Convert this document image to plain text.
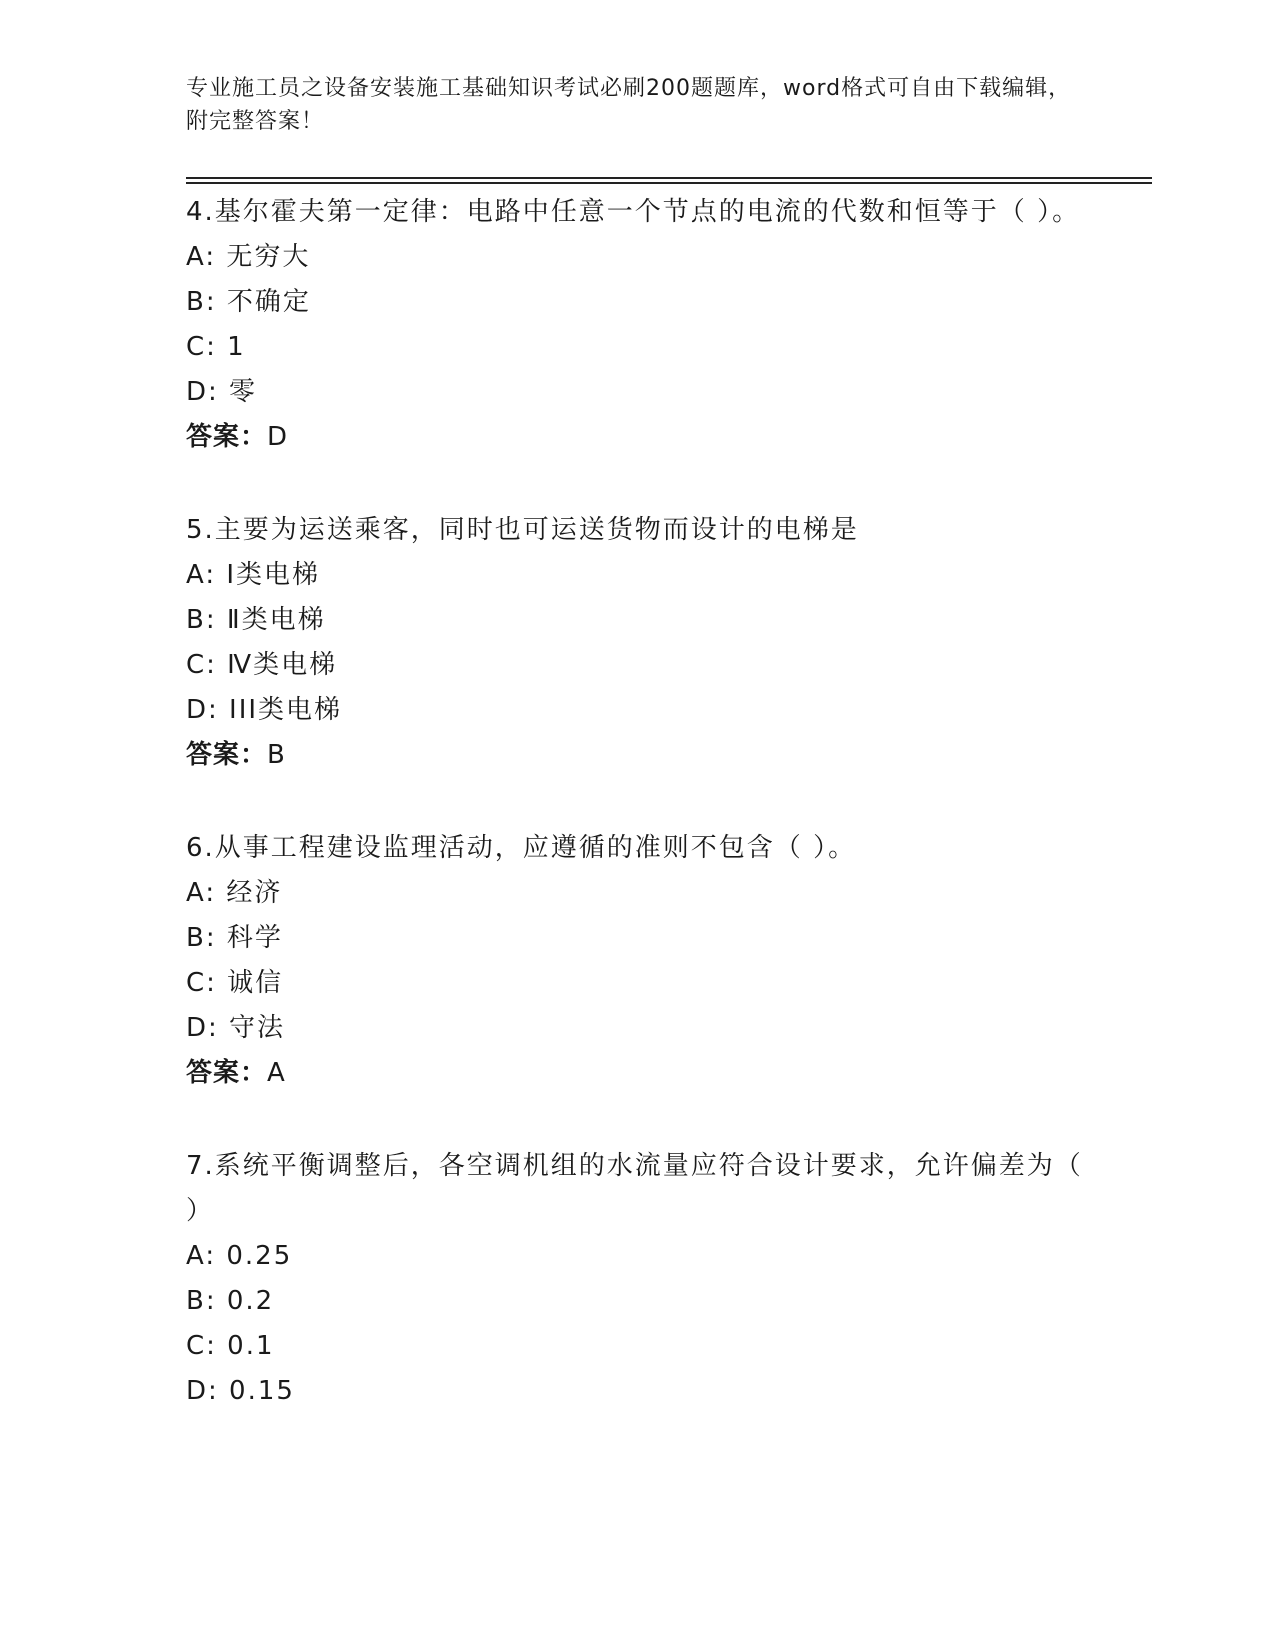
专业施工员之设备安装施工基础知识考试必刷200题题库，word格式可自由下载编辑，附完整答案！

4.基尔霍夫第一定律：电路中任意一个节点的电流的代数和恒等于（ ）。

A: 无穷大

B: 不确定

C: 1

D: 零

答案：D

5.主要为运送乘客，同时也可运送货物而设计的电梯是

A: Ⅰ类电梯

B: Ⅱ类电梯

C: Ⅳ类电梯

D: III类电梯

答案：B

6.从事工程建设监理活动，应遵循的准则不包含（ ）。

A: 经济

B: 科学

C: 诚信

D: 守法

答案：A

7.系统平衡调整后，各空调机组的水流量应符合设计要求，允许偏差为（ ）

A: 0.25

B: 0.2

C: 0.1

D: 0.15
